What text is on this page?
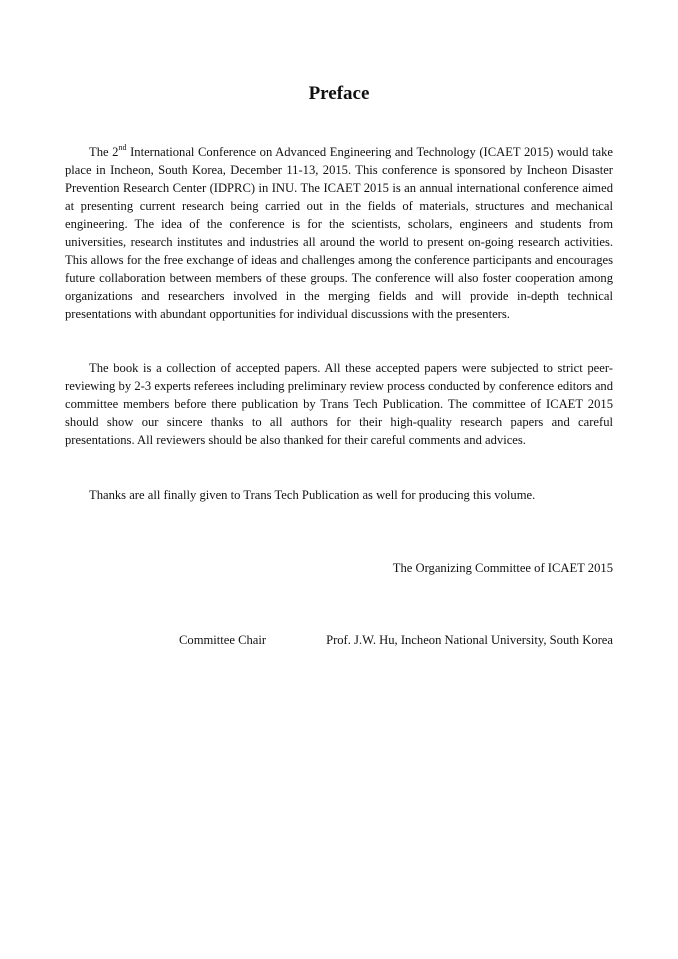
Preface

The 2nd International Conference on Advanced Engineering and Technology (ICAET 2015) would take place in Incheon, South Korea, December 11-13, 2015. This conference is sponsored by Incheon Disaster Prevention Research Center (IDPRC) in INU. The ICAET 2015 is an annual international conference aimed at presenting current research being carried out in the fields of materials, structures and mechanical engineering. The idea of the conference is for the scientists, scholars, engineers and students from universities, research institutes and industries all around the world to present on-going research activities. This allows for the free exchange of ideas and challenges among the conference participants and encourages future collaboration between members of these groups. The conference will also foster cooperation among organizations and researchers involved in the merging fields and will provide in-depth technical presentations with abundant opportunities for individual discussions with the presenters.

The book is a collection of accepted papers. All these accepted papers were subjected to strict peer-reviewing by 2-3 experts referees including preliminary review process conducted by conference editors and committee members before there publication by Trans Tech Publication. The committee of ICAET 2015 should show our sincere thanks to all authors for their high-quality research papers and careful presentations. All reviewers should be also thanked for their careful comments and advices.

Thanks are all finally given to Trans Tech Publication as well for producing this volume.

The Organizing Committee of ICAET 2015
Committee Chair	Prof. J.W. Hu, Incheon National University, South Korea
